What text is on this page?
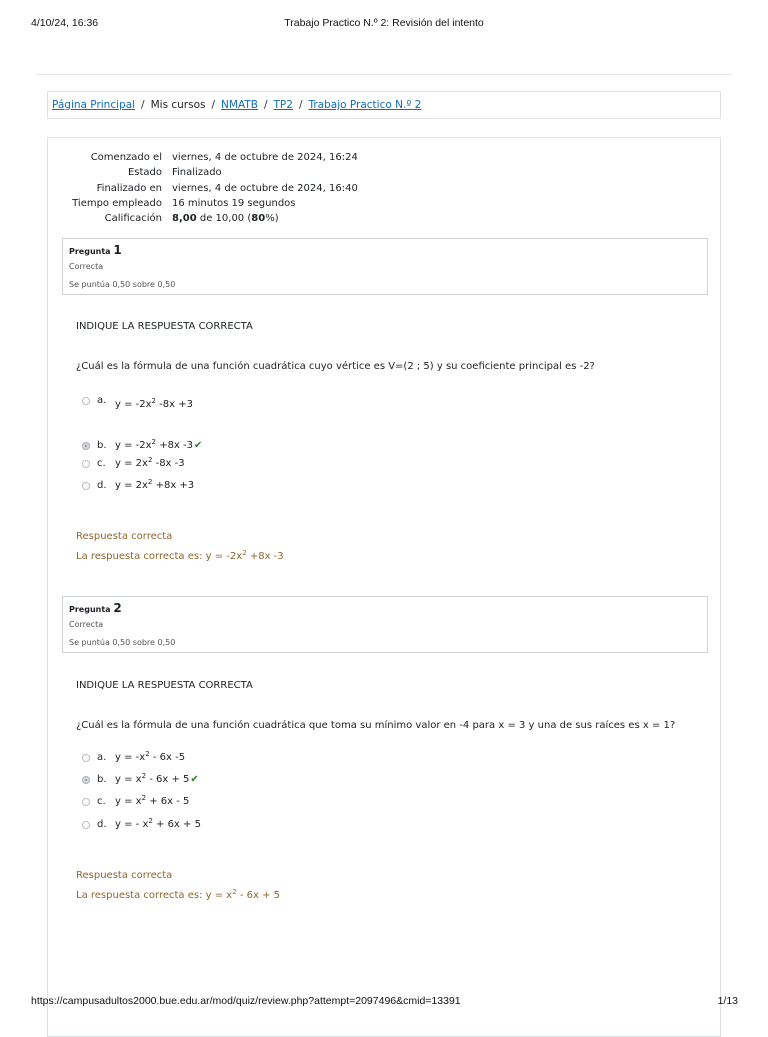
4/10/24, 16:36	Trabajo Practico N.º 2: Revisión del intento
Página Principal / Mis cursos / NMATB / TP2 / Trabajo Practico N.º 2
Comenzado el viernes, 4 de octubre de 2024, 16:24
Estado Finalizado
Finalizado en viernes, 4 de octubre de 2024, 16:40
Tiempo empleado 16 minutos 19 segundos
Calificación 8,00 de 10,00 (80%)
Pregunta 1
Correcta
Se puntúa 0,50 sobre 0,50
INDIQUE LA RESPUESTA CORRECTA
¿Cuál es la fórmula de una función cuadrática cuyo vértice es V=(2 ; 5) y su coeficiente principal es -2?
a. $y = -2x^2$ -8x +3
b. $y = -2x^2 +8x$ -3✔
c. $y = 2x^2$ -8x -3
d. $y = 2x^2 +8x +3$
Respuesta correcta
La respuesta correcta es: $y = -2x^2 +8x$ -3
Pregunta 2
Correcta
Se puntúa 0,50 sobre 0,50
INDIQUE LA RESPUESTA CORRECTA
¿Cuál es la fórmula de una función cuadrática que toma su mínimo valor en -4 para x = 3 y una de sus raíces es x = 1?
a. $y = -x^2 - 6x$ -5
b. $y = x^2 - 6x$ + 5✔
c. $y = x^2 + 6x - 5$
d. y = - $x^2 + 6x + 5$
Respuesta correcta
La respuesta correcta es: $y = x^2 - 6x + 5$
https://campusadultos2000.bue.edu.ar/mod/quiz/review.php?attempt=2097496&cmid=13391	1/13
